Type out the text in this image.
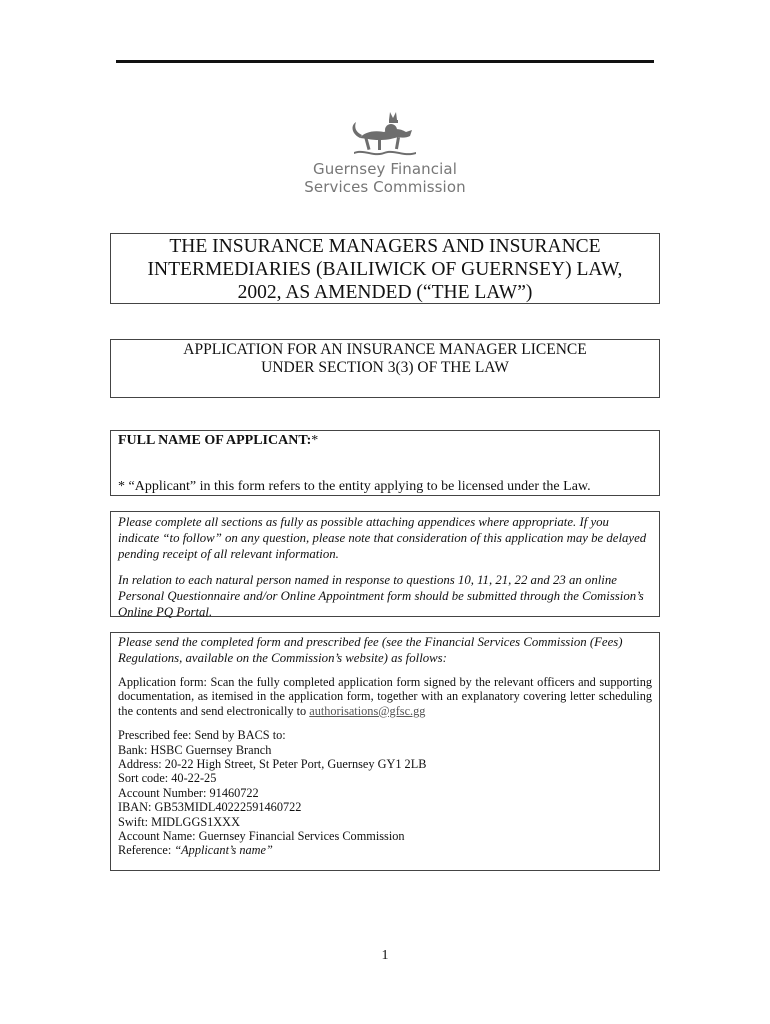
Guernsey Financial
Services Commission
THE INSURANCE MANAGERS AND INSURANCE
INTERMEDIARIES (BAILIWICK OF GUERNSEY) LAW,
2002, AS AMENDED (“THE LAW”)
APPLICATION FOR AN INSURANCE MANAGER LICENCE
UNDER SECTION 3(3) OF THE LAW
FULL NAME OF APPLICANT:*
* “Applicant” in this form refers to the entity applying to be licensed under the Law.

Please complete all sections as fully as possible attaching appendices where appropriate. If you indicate “to follow” on any question, please note that consideration of this application may be delayed pending receipt of all relevant information.

In relation to each natural person named in response to questions 10, 11, 21, 22 and 23 an online Personal Questionnaire and/or Online Appointment form should be submitted through the Comission’s Online PQ Portal.

Please send the completed form and prescribed fee (see the Financial Services Commission (Fees) Regulations, available on the Commission’s website) as follows:

Application form: Scan the fully completed application form signed by the relevant officers and supporting documentation, as itemised in the application form, together with an explanatory covering letter scheduling the contents and send electronically to authorisations@gfsc.gg

Prescribed fee: Send by BACS to:

Bank: HSBC Guernsey Branch

Address: 20-22 High Street, St Peter Port, Guernsey GY1 2LB

Sort code: 40-22-25

Account Number: 91460722

IBAN: GB53MIDL40222591460722

Swift: MIDLGGS1XXX

Account Name: Guernsey Financial Services Commission

Reference: “Applicant’s name”

1
